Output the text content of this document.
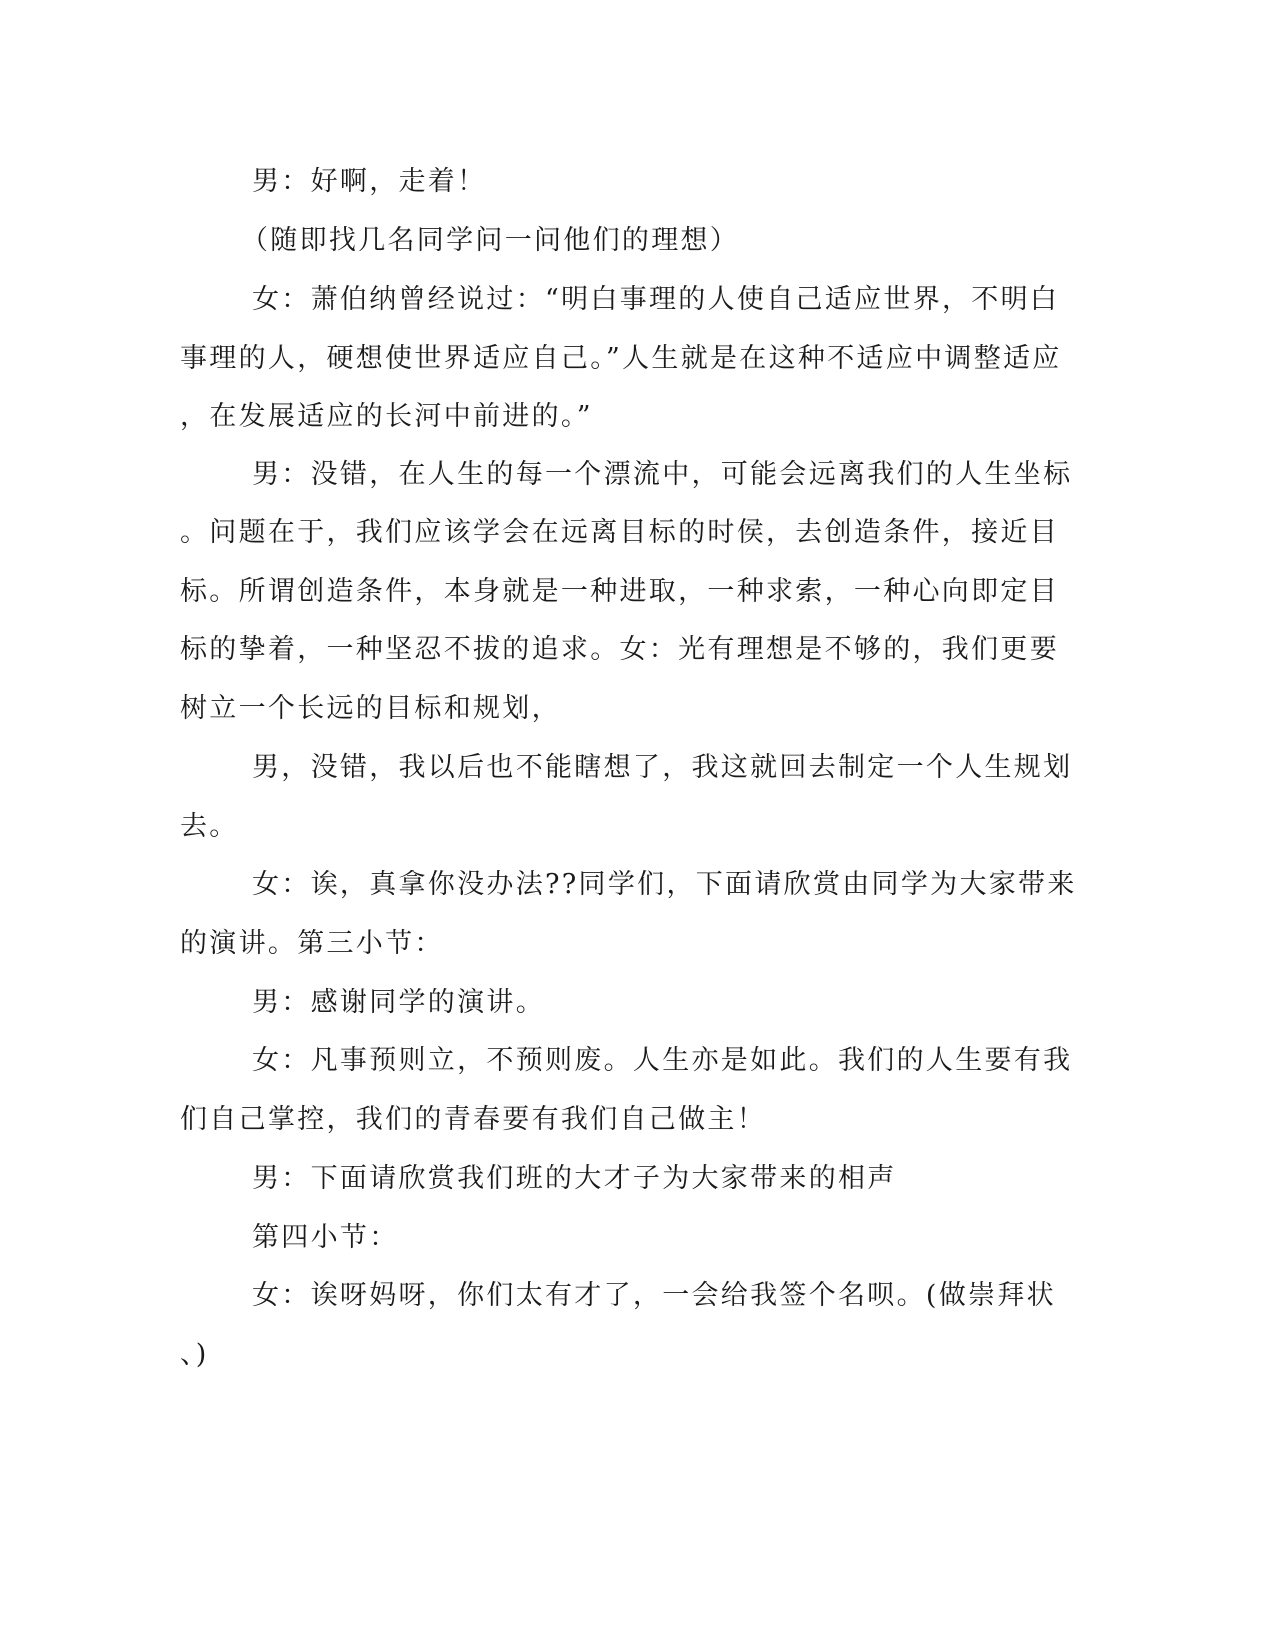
男：好啊，走着！
（随即找几名同学问一问他们的理想）
女：萧伯纳曾经说过：“明白事理的人使自己适应世界，不明白
事理的人，硬想使世界适应自己。”人生就是在这种不适应中调整适应
，在发展适应的长河中前进的。”
男：没错，在人生的每一个漂流中，可能会远离我们的人生坐标
。问题在于，我们应该学会在远离目标的时侯，去创造条件，接近目
标。所谓创造条件，本身就是一种进取，一种求索，一种心向即定目
标的挚着，一种坚忍不拔的追求。女：光有理想是不够的，我们更要
树立一个长远的目标和规划，
男，没错，我以后也不能瞎想了，我这就回去制定一个人生规划
去。
女：诶，真拿你没办法??同学们，下面请欣赏由同学为大家带来
的演讲。第三小节：
男：感谢同学的演讲。
女：凡事预则立，不预则废。人生亦是如此。我们的人生要有我
们自己掌控，我们的青春要有我们自己做主！
男：下面请欣赏我们班的大才子为大家带来的相声
第四小节：
女：诶呀妈呀，你们太有才了，一会给我签个名呗。(做崇拜状
、)
